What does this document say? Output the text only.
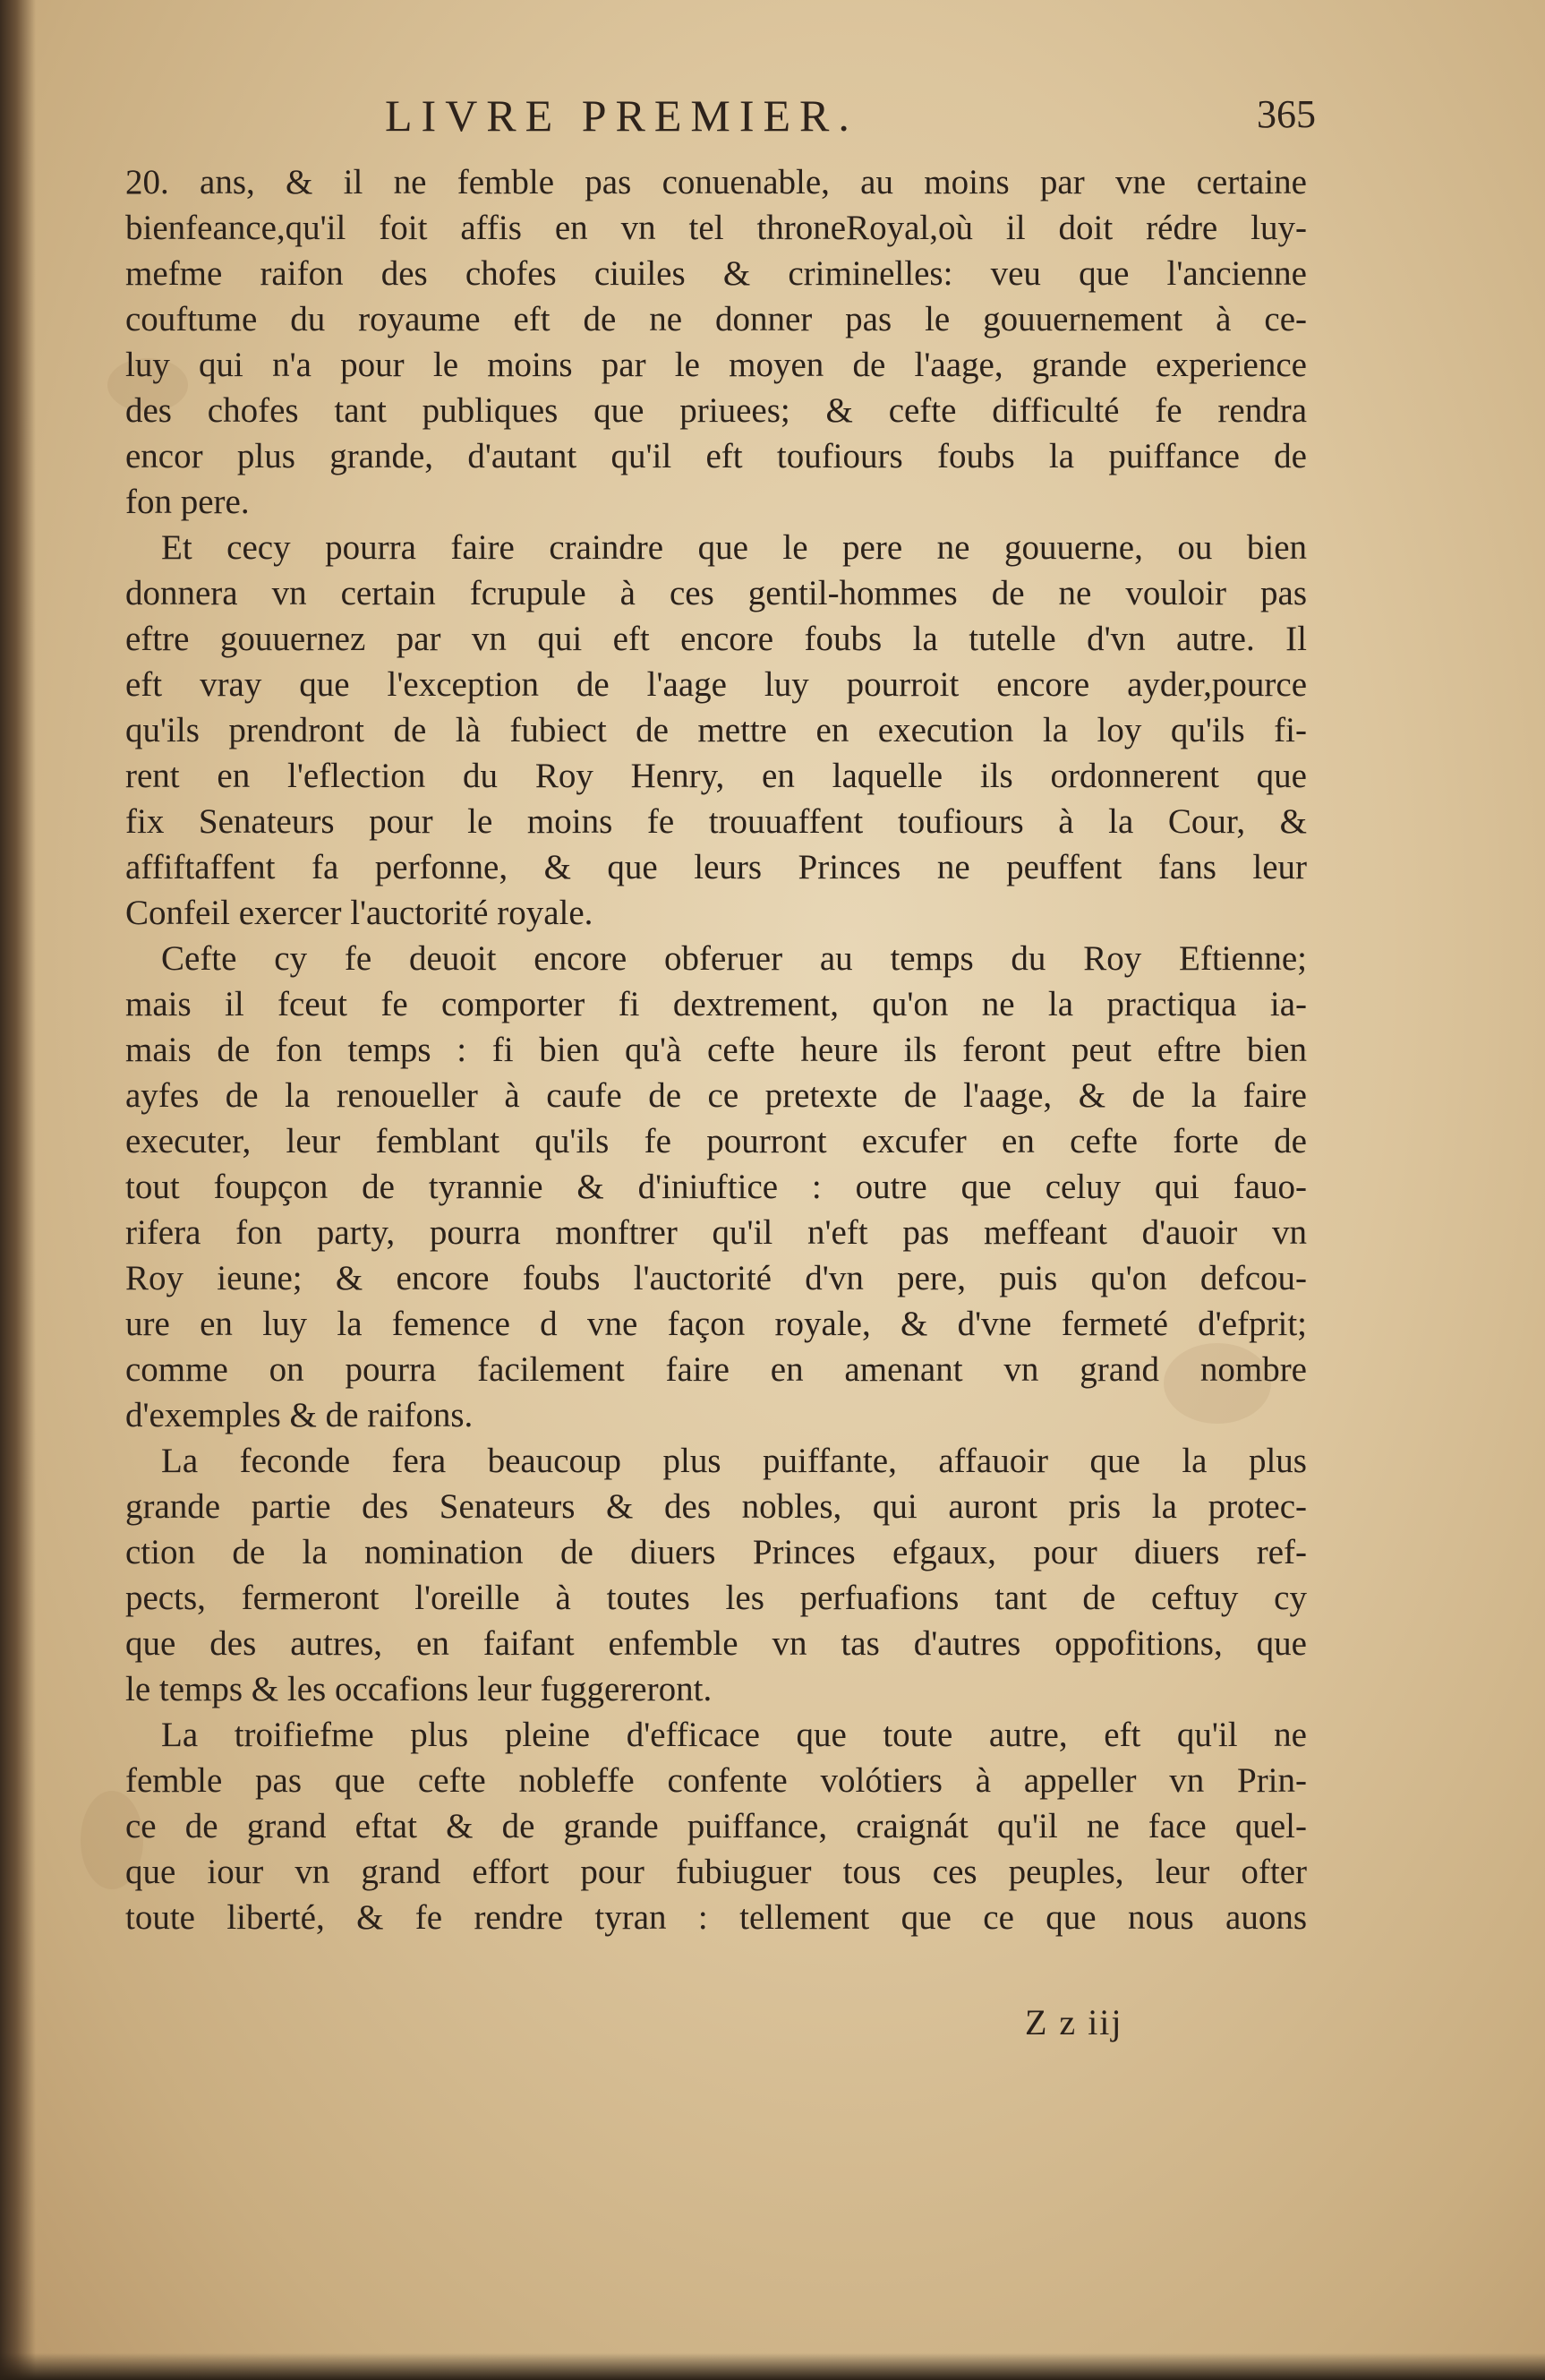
LIVRE PREMIER.	365
20. ans, & il ne femble pas conuenable, au moins par vne certaine
bienfeance,qu'il foit affis en vn tel throneRoyal,où il doit rédre luy-
mefme raifon des chofes ciuiles & criminelles: veu que l'ancienne
couftume du royaume eft de ne donner pas le gouuernement à ce-
luy qui n'a pour le moins par le moyen de l'aage, grande experience
des chofes tant publiques que priuees; & cefte difficulté fe rendra
encor plus grande, d'autant qu'il eft toufiours foubs la puiffance de
fon pere.
Et cecy pourra faire craindre que le pere ne gouuerne, ou bien
donnera vn certain fcrupule à ces gentil-hommes de ne vouloir pas
eftre gouuernez par vn qui eft encore foubs la tutelle d'vn autre. Il
eft vray que l'exception de l'aage luy pourroit encore ayder,pource
qu'ils prendront de là fubiect de mettre en execution la loy qu'ils fi-
rent en l'eflection du Roy Henry, en laquelle ils ordonnerent que
fix Senateurs pour le moins fe trouuaffent toufiours à la Cour, &
affiftaffent fa perfonne, & que leurs Princes ne peuffent fans leur
Confeil exercer l'auctorité royale.
Cefte cy fe deuoit encore obferuer au temps du Roy Eftienne;
mais il fceut fe comporter fi dextrement, qu'on ne la practiqua ia-
mais de fon temps : fi bien qu'à cefte heure ils feront peut eftre bien
ayfes de la renoueller à caufe de ce pretexte de l'aage, & de la faire
executer, leur femblant qu'ils fe pourront excufer en cefte forte de
tout foupçon de tyrannie & d'iniuftice : outre que celuy qui fauo-
rifera fon party, pourra monftrer qu'il n'eft pas meffeant d'auoir vn
Roy ieune; & encore foubs l'auctorité d'vn pere, puis qu'on defcou-
ure en luy la femence d vne façon royale, & d'vne fermeté d'efprit;
comme on pourra facilement faire en amenant vn grand nombre
d'exemples & de raifons.
La feconde fera beaucoup plus puiffante, affauoir que la plus
grande partie des Senateurs & des nobles, qui auront pris la protec-
ction de la nomination de diuers Princes efgaux, pour diuers ref-
pects, fermeront l'oreille à toutes les perfuafions tant de ceftuy cy
que des autres, en faifant enfemble vn tas d'autres oppofitions, que
le temps & les occafions leur fuggereront.
La troifiefme plus pleine d'efficace que toute autre, eft qu'il ne
femble pas que cefte nobleffe confente volótiers à appeller vn Prin-
ce de grand eftat & de grande puiffance, craignát qu'il ne face quel-
que iour vn grand effort pour fubiuguer tous ces peuples, leur ofter
toute liberté, & fe rendre tyran : tellement que ce que nous auons
Z z iij
